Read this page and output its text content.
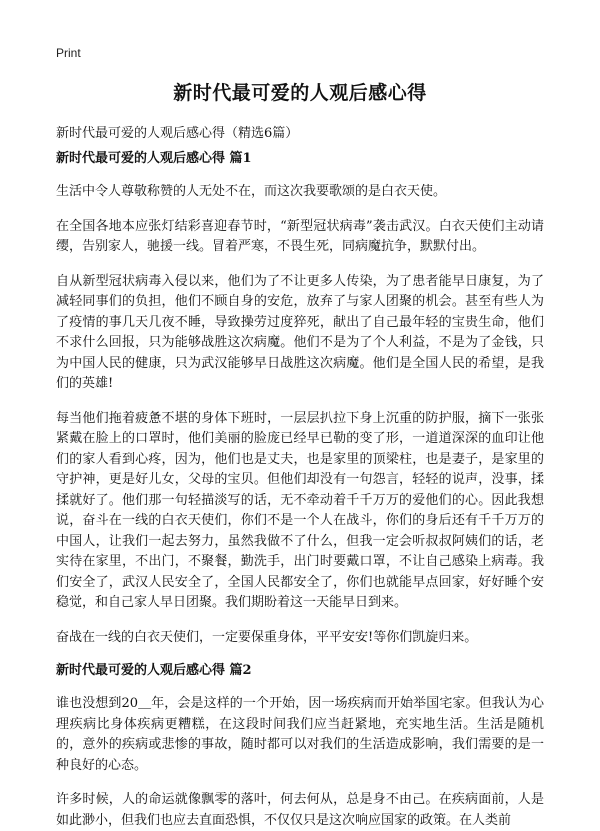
Print
新时代最可爱的人观后感心得
新时代最可爱的人观后感心得（精选6篇）
新时代最可爱的人观后感心得 篇1

生活中令人尊敬称赞的人无处不在，而这次我要歌颂的是白衣天使。

在全国各地本应张灯结彩喜迎春节时，“新型冠状病毒”袭击武汉。白衣天使们主动请缨，告别家人，驰援一线。冒着严寒，不畏生死，同病魔抗争，默默付出。

自从新型冠状病毒入侵以来，他们为了不让更多人传染，为了患者能早日康复，为了减轻同事们的负担，他们不顾自身的安危，放弃了与家人团聚的机会。甚至有些人为了疫情的事几天几夜不睡，导致操劳过度猝死，献出了自己最年轻的宝贵生命，他们不求什么回报，只为能够战胜这次病魔。他们不是为了个人利益，不是为了金钱，只为中国人民的健康，只为武汉能够早日战胜这次病魔。他们是全国人民的希望，是我们的英雄!

每当他们拖着疲惫不堪的身体下班时，一层层扒拉下身上沉重的防护服，摘下一张张紧戴在脸上的口罩时，他们美丽的脸庞已经早已勒的变了形，一道道深深的血印让他们的家人看到心疼，因为，他们也是丈夫，也是家里的顶梁柱，也是妻子，是家里的守护神，更是好儿女，父母的宝贝。但他们却没有一句怨言，轻轻的说声，没事，揉揉就好了。他们那一句轻描淡写的话，无不牵动着千千万万的爱他们的心。因此我想说，奋斗在一线的白衣天使们，你们不是一个人在战斗，你们的身后还有千千万万的中国人，让我们一起去努力，虽然我做不了什么，但我一定会听叔叔阿姨们的话，老实待在家里，不出门，不聚餐，勤洗手，出门时要戴口罩，不让自己感染上病毒。我们安全了，武汉人民安全了，全国人民都安全了，你们也就能早点回家，好好睡个安稳觉，和自己家人早日团聚。我们期盼着这一天能早日到来。

奋战在一线的白衣天使们，一定要保重身体，平平安安!等你们凯旋归来。

新时代最可爱的人观后感心得 篇2

谁也没想到20＿年，会是这样的一个开始，因一场疾病而开始举国宅家。但我认为心理疾病比身体疾病更糟糕，在这段时间我们应当赶紧地，充实地生活。生活是随机的，意外的疾病或悲惨的事故，随时都可以对我们的生活造成影响，我们需要的是一种良好的心态。

许多时候，人的命运就像飘零的落叶，何去何从，总是身不由己。在疾病面前，人是如此渺小，但我们也应去直面恐惧，不仅仅只是这次响应国家的政策。在人类前
